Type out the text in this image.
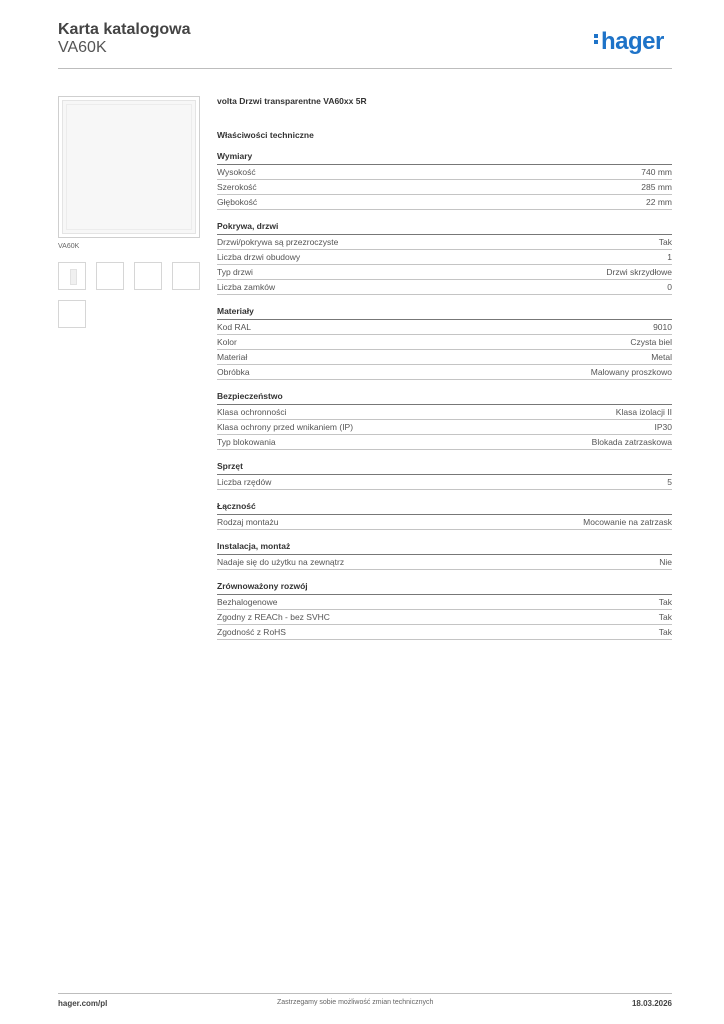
Karta katalogowa
VA60K	hager
VA60K
volta Drzwi transparentne VA60xx 5R
Właściwości techniczne
Wymiary
Wysokość	740 mm
Szerokość	285 mm
Głębokość	22 mm
Pokrywa, drzwi
Drzwi/pokrywa są przezroczyste	Tak
Liczba drzwi obudowy	1
Typ drzwi	Drzwi skrzydłowe
Liczba zamków	0
Materiały
Kod RAL	9010
Kolor	Czysta biel
Materiał	Metal
Obróbka	Malowany proszkowo
Bezpieczeństwo
Klasa ochronności	Klasa izolacji II
Klasa ochrony przed wnikaniem (IP)	IP30
Typ blokowania	Blokada zatrzaskowa
Sprzęt
Liczba rzędów	5
Łączność
Rodzaj montażu	Mocowanie na zatrzask
Instalacja, montaż
Nadaje się do użytku na zewnątrz	Nie
Zrównoważony rozwój
Bezhalogenowe	Tak
Zgodny z REACh - bez SVHC	Tak
Zgodność z RoHS	Tak
hager.com/pl	Zastrzegamy sobie możliwość zmian technicznych	18.03.2026
